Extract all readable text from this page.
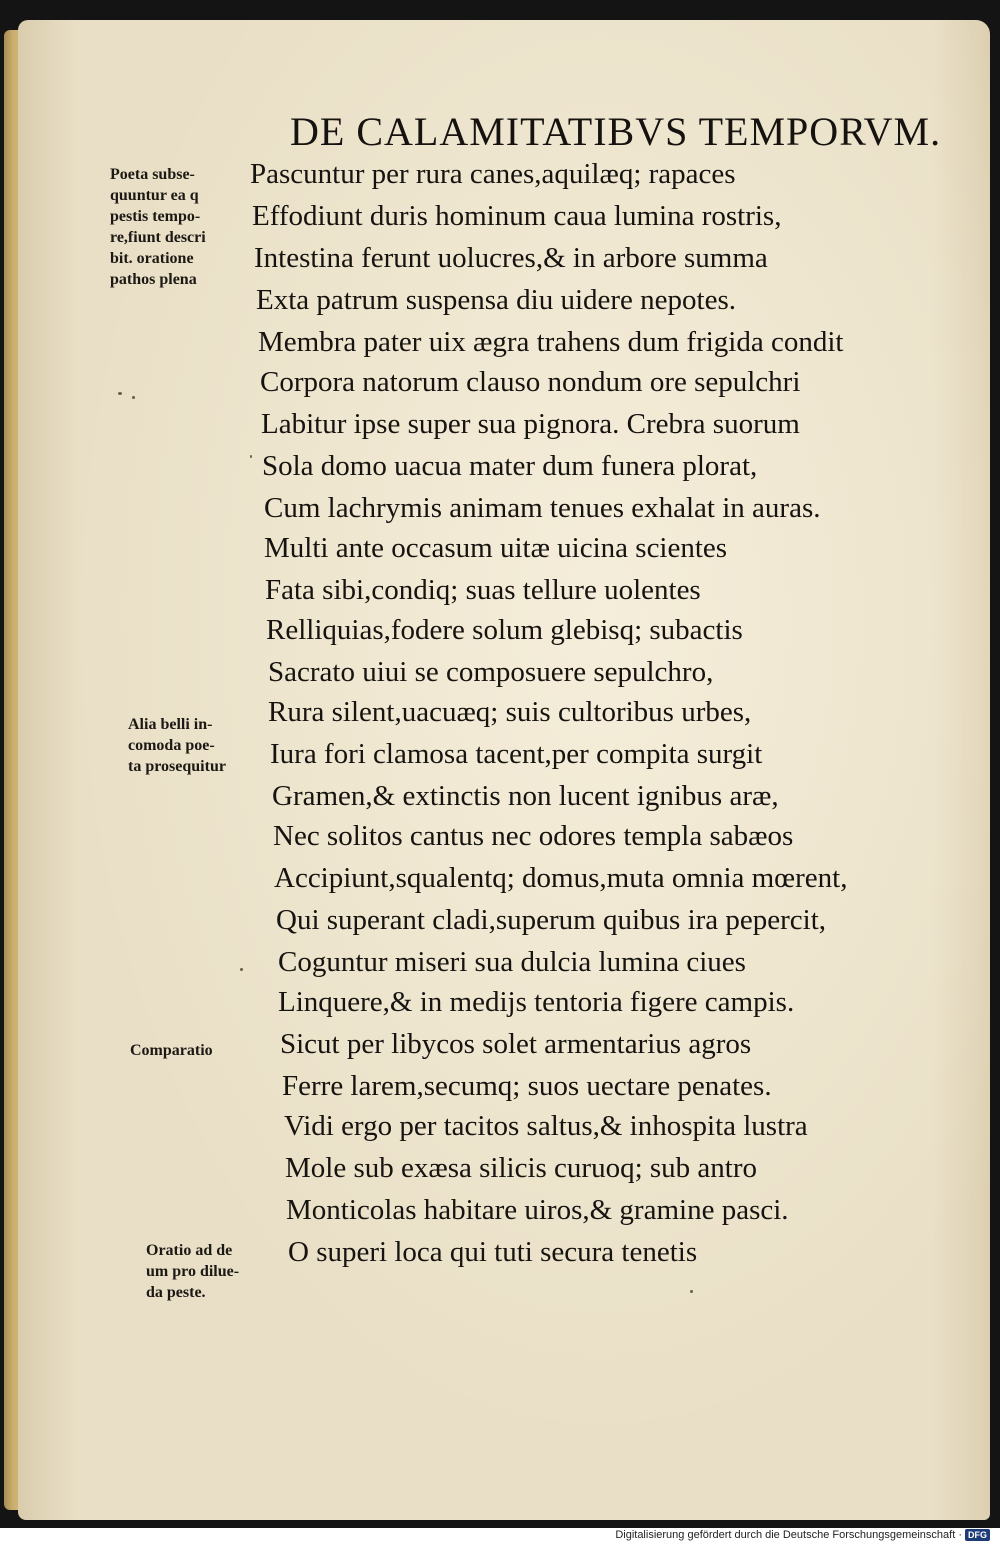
DE CALAMITATIBVS TEMPORVM.
Pascuntur per rura canes,aquilæq; rapaces
Effodiunt duris hominum caua lumina rostris,
Intestina ferunt uolucres,& in arbore summa
Exta patrum suspensa diu uidere nepotes.
Membra pater uix ægra trahens dum frigida condit
Corpora natorum clauso nondum ore sepulchri
Labitur ipse super sua pignora. Crebra suorum
Sola domo uacua mater dum funera plorat,
Cum lachrymis animam tenues exhalat in auras.
Multi ante occasum uitæ uicina scientes
Fata sibi,condiq; suas tellure uolentes
Relliquias,fodere solum glebisq; subactis
Sacrato uiui se composuere sepulchro,
Rura silent,uacuæq; suis cultoribus urbes,
Iura fori clamosa tacent,per compita surgit
Gramen,& extinctis non lucent ignibus aræ,
Nec solitos cantus nec odores templa sabæos
Accipiunt,squalentq; domus,muta omnia mœrent,
Qui superant cladi,superum quibus ira pepercit,
Coguntur miseri sua dulcia lumina ciues
Linquere,& in medijs tentoria figere campis.
Sicut per libycos solet armentarius agros
Ferre larem,secumq; suos uectare penates.
Vidi ergo per tacitos saltus,& inhospita lustra
Mole sub exæsa silicis curuoq; sub antro
Monticolas habitare uiros,& gramine pasci.
O superi loca qui tuti secura tenetis
Poeta subse-
quuntur ea q
pestis tempo-
re,fiunt descri
bit. oratione
pathos plena
Alia belli in-
comoda poe-
ta prosequitur
Comparatio
Oratio ad de
um pro dilue-
da peste.
Digitalisierung gefördert durch die Deutsche Forschungsgemeinschaft · DFG
